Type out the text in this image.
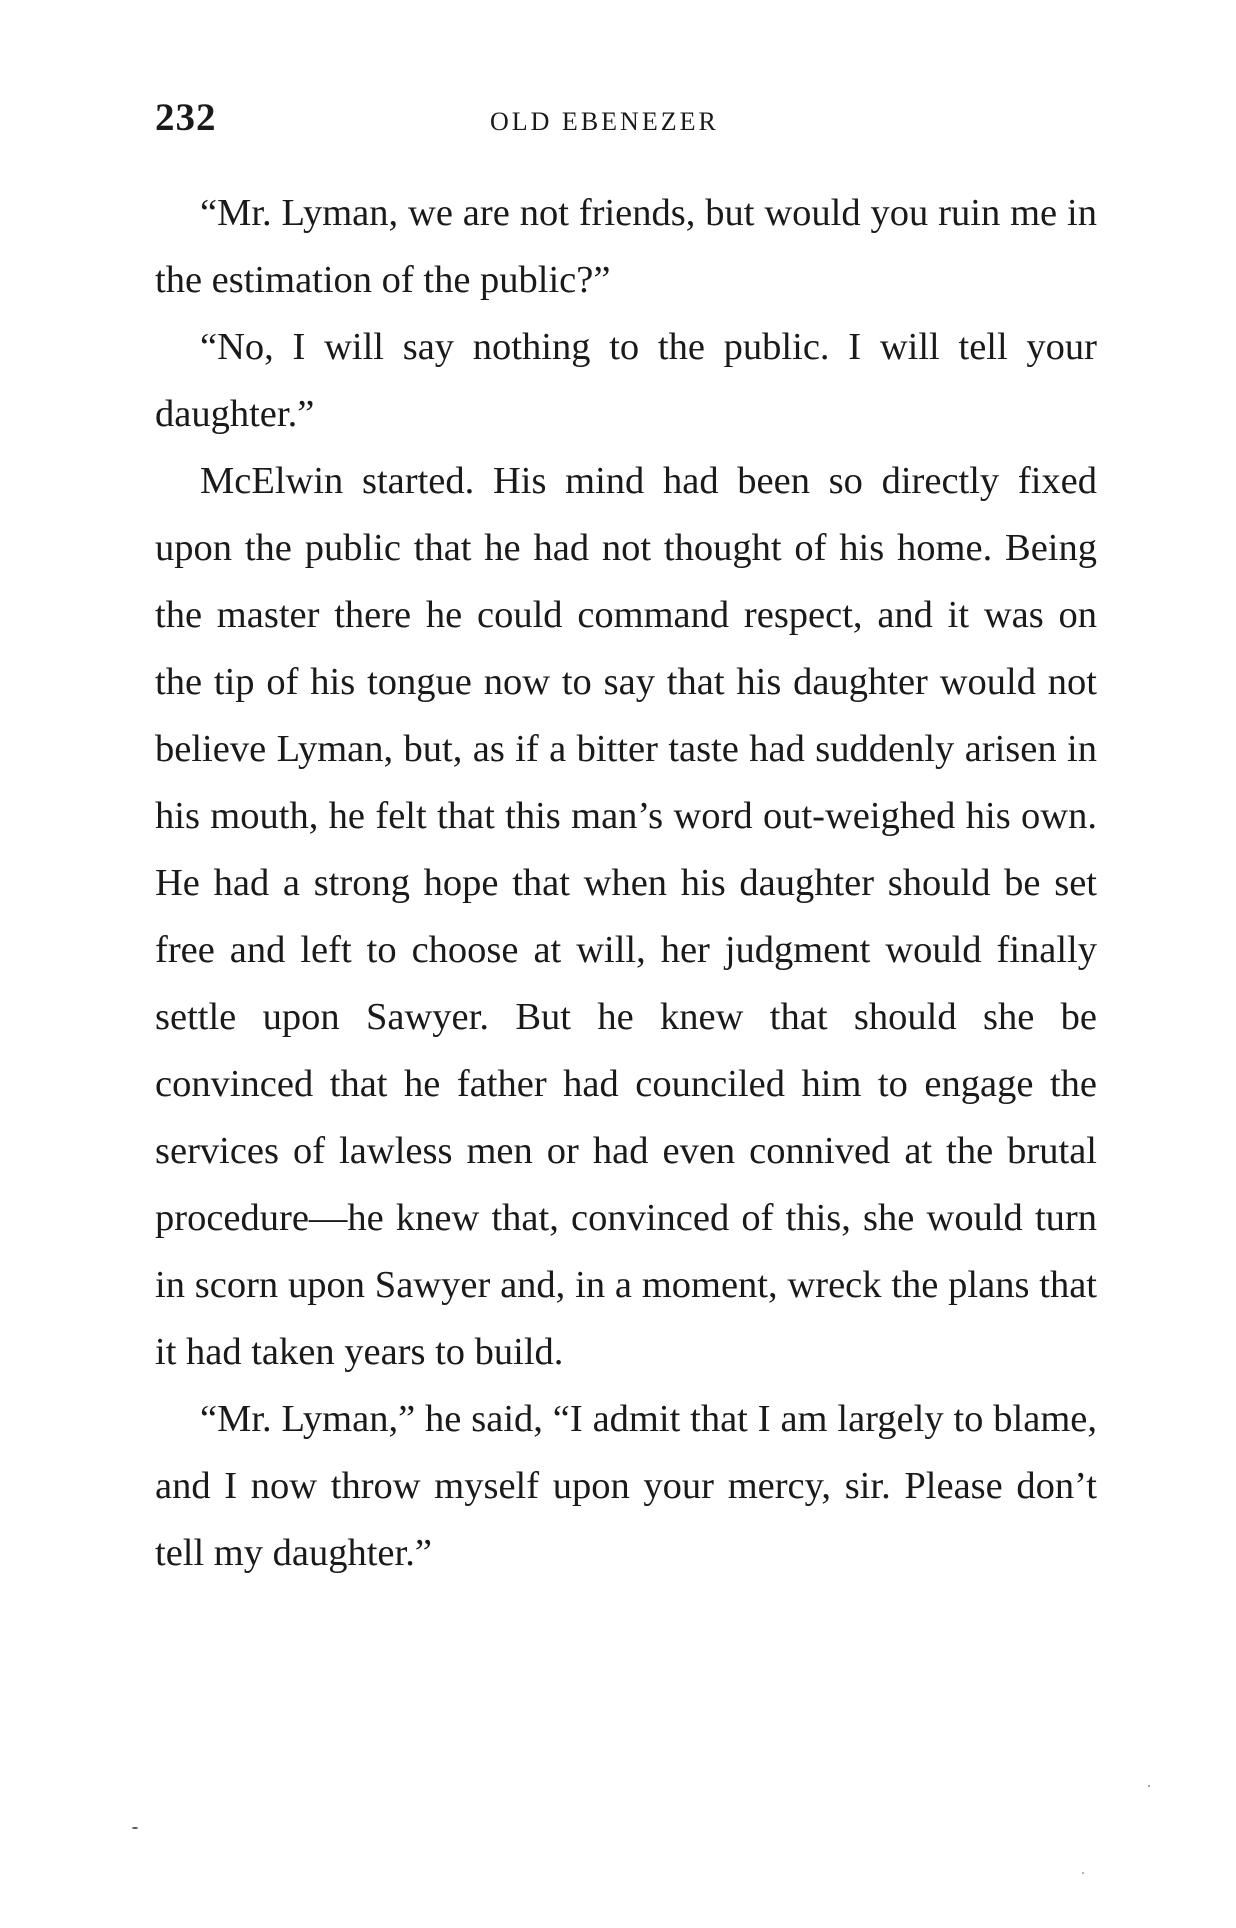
232	OLD EBENEZER

“Mr. Lyman, we are not friends, but would you ruin me in the estimation of the public?”

“No, I will say nothing to the public. I will tell your daughter.”

McElwin started. His mind had been so directly fixed upon the public that he had not thought of his home. Being the master there he could command respect, and it was on the tip of his tongue now to say that his daughter would not believe Lyman, but, as if a bitter taste had suddenly arisen in his mouth, he felt that this man’s word out-weighed his own. He had a strong hope that when his daughter should be set free and left to choose at will, her judgment would finally settle upon Sawyer. But he knew that should she be convinced that he father had counciled him to engage the services of lawless men or had even connived at the brutal procedure—he knew that, convinced of this, she would turn in scorn upon Sawyer and, in a moment, wreck the plans that it had taken years to build.

“Mr. Lyman,” he said, “I admit that I am largely to blame, and I now throw myself upon your mercy, sir. Please don’t tell my daughter.”
